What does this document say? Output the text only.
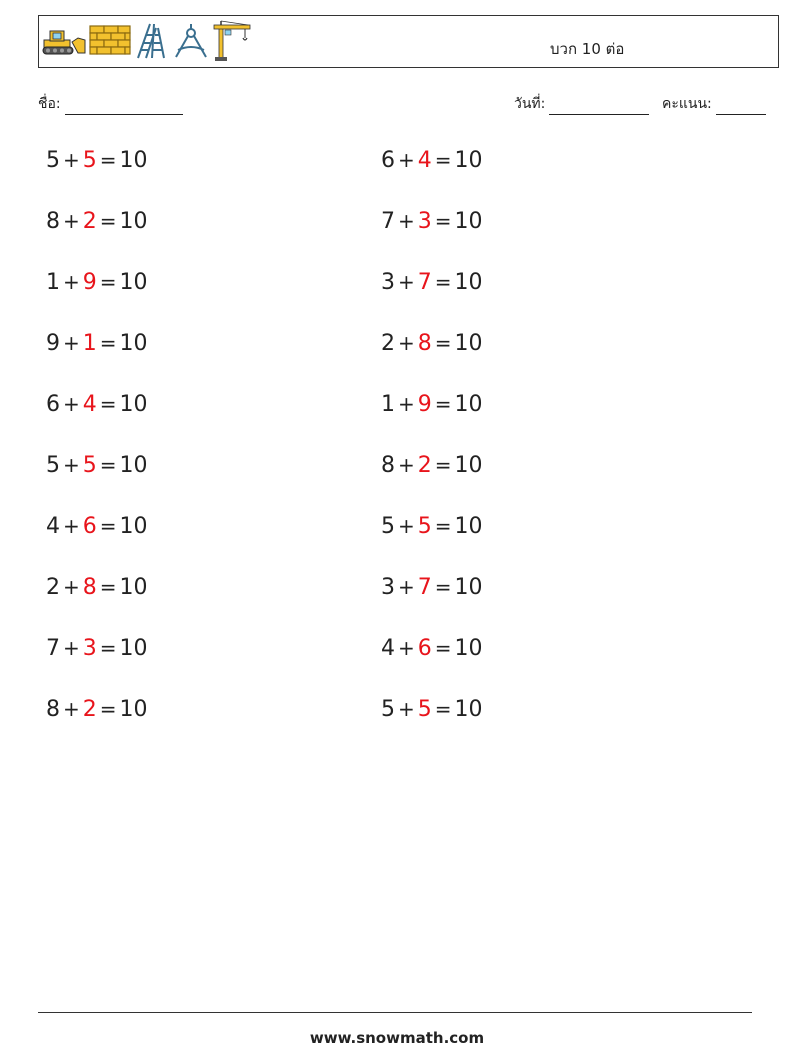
บวก 10 ต่อ
ชื่อ:	วันที่:	คะแนน:
5 + 5 = 10	6 + 4 = 10
8 + 2 = 10	7 + 3 = 10
1 + 9 = 10	3 + 7 = 10
9 + 1 = 10	2 + 8 = 10
6 + 4 = 10	1 + 9 = 10
5 + 5 = 10	8 + 2 = 10
4 + 6 = 10	5 + 5 = 10
2 + 8 = 10	3 + 7 = 10
7 + 3 = 10	4 + 6 = 10
8 + 2 = 10	5 + 5 = 10
www.snowmath.com
